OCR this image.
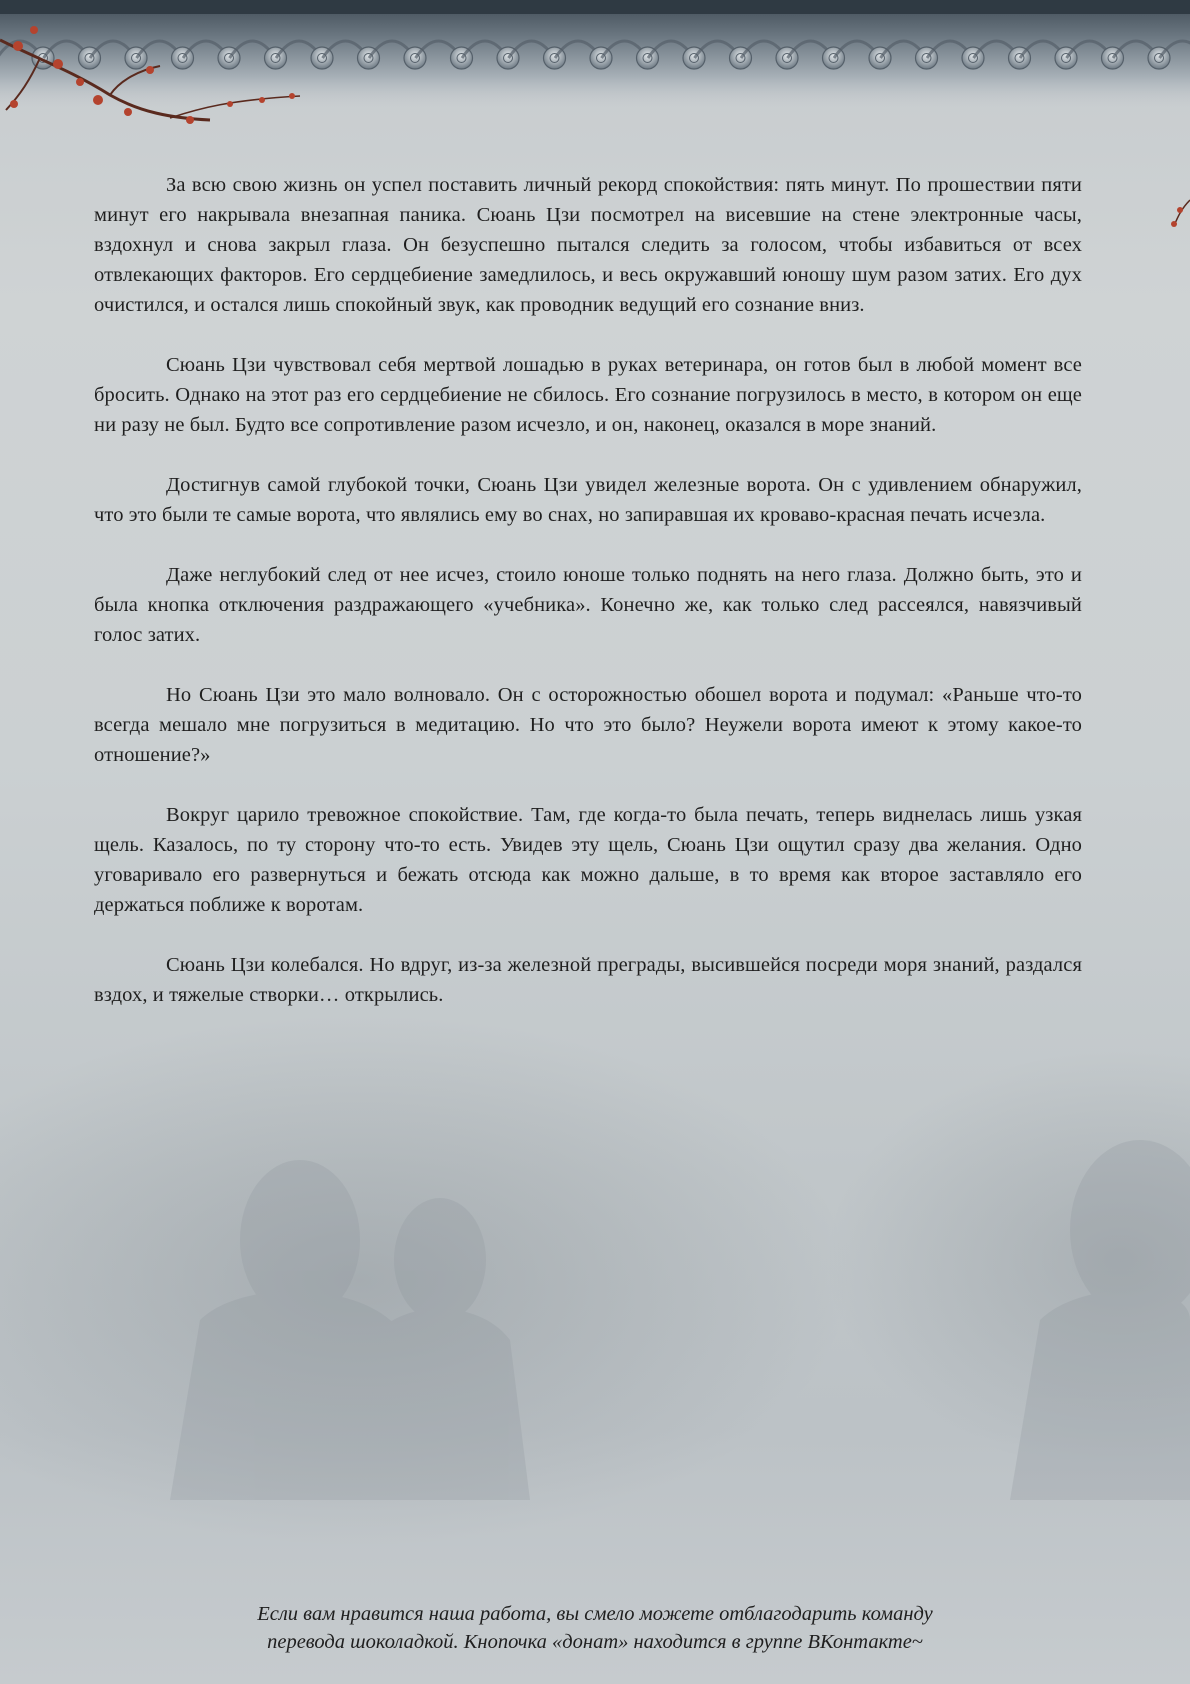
За всю свою жизнь он успел поставить личный рекорд спокойствия: пять минут. По прошествии пяти минут его накрывала внезапная паника. Сюань Цзи посмотрел на висевшие на стене электронные часы, вздохнул и снова закрыл глаза. Он безуспешно пытался следить за голосом, чтобы избавиться от всех отвлекающих факторов. Его сердцебиение замедлилось, и весь окружавший юношу шум разом затих. Его дух очистился, и остался лишь спокойный звук, как проводник ведущий его сознание вниз.

Сюань Цзи чувствовал себя мертвой лошадью в руках ветеринара, он готов был в любой момент все бросить. Однако на этот раз его сердцебиение не сбилось. Его сознание погрузилось в место, в котором он еще ни разу не был. Будто все сопротивление разом исчезло, и он, наконец, оказался в море знаний.

Достигнув самой глубокой точки, Сюань Цзи увидел железные ворота. Он с удивлением обнаружил, что это были те самые ворота, что являлись ему во снах, но запиравшая их кроваво-красная печать исчезла.

Даже неглубокий след от нее исчез, стоило юноше только поднять на него глаза. Должно быть, это и была кнопка отключения раздражающего «учебника». Конечно же, как только след рассеялся, навязчивый голос затих.

Но Сюань Цзи это мало волновало. Он с осторожностью обошел ворота и подумал: «Раньше что-то всегда мешало мне погрузиться в медитацию. Но что это было? Неужели ворота имеют к этому какое-то отношение?»

Вокруг царило тревожное спокойствие. Там, где когда-то была печать, теперь виднелась лишь узкая щель. Казалось, по ту сторону что-то есть. Увидев эту щель, Сюань Цзи ощутил сразу два желания. Одно уговаривало его развернуться и бежать отсюда как можно дальше, в то время как второе заставляло его держаться поближе к воротам.

Сюань Цзи колебался. Но вдруг, из-за железной преграды, высившейся посреди моря знаний, раздался вздох, и тяжелые створки… открылись.

Если вам нравится наша работа, вы смело можете отблагодарить команду
перевода шоколадкой. Кнопочка «донат» находится в группе ВКонтакте~
